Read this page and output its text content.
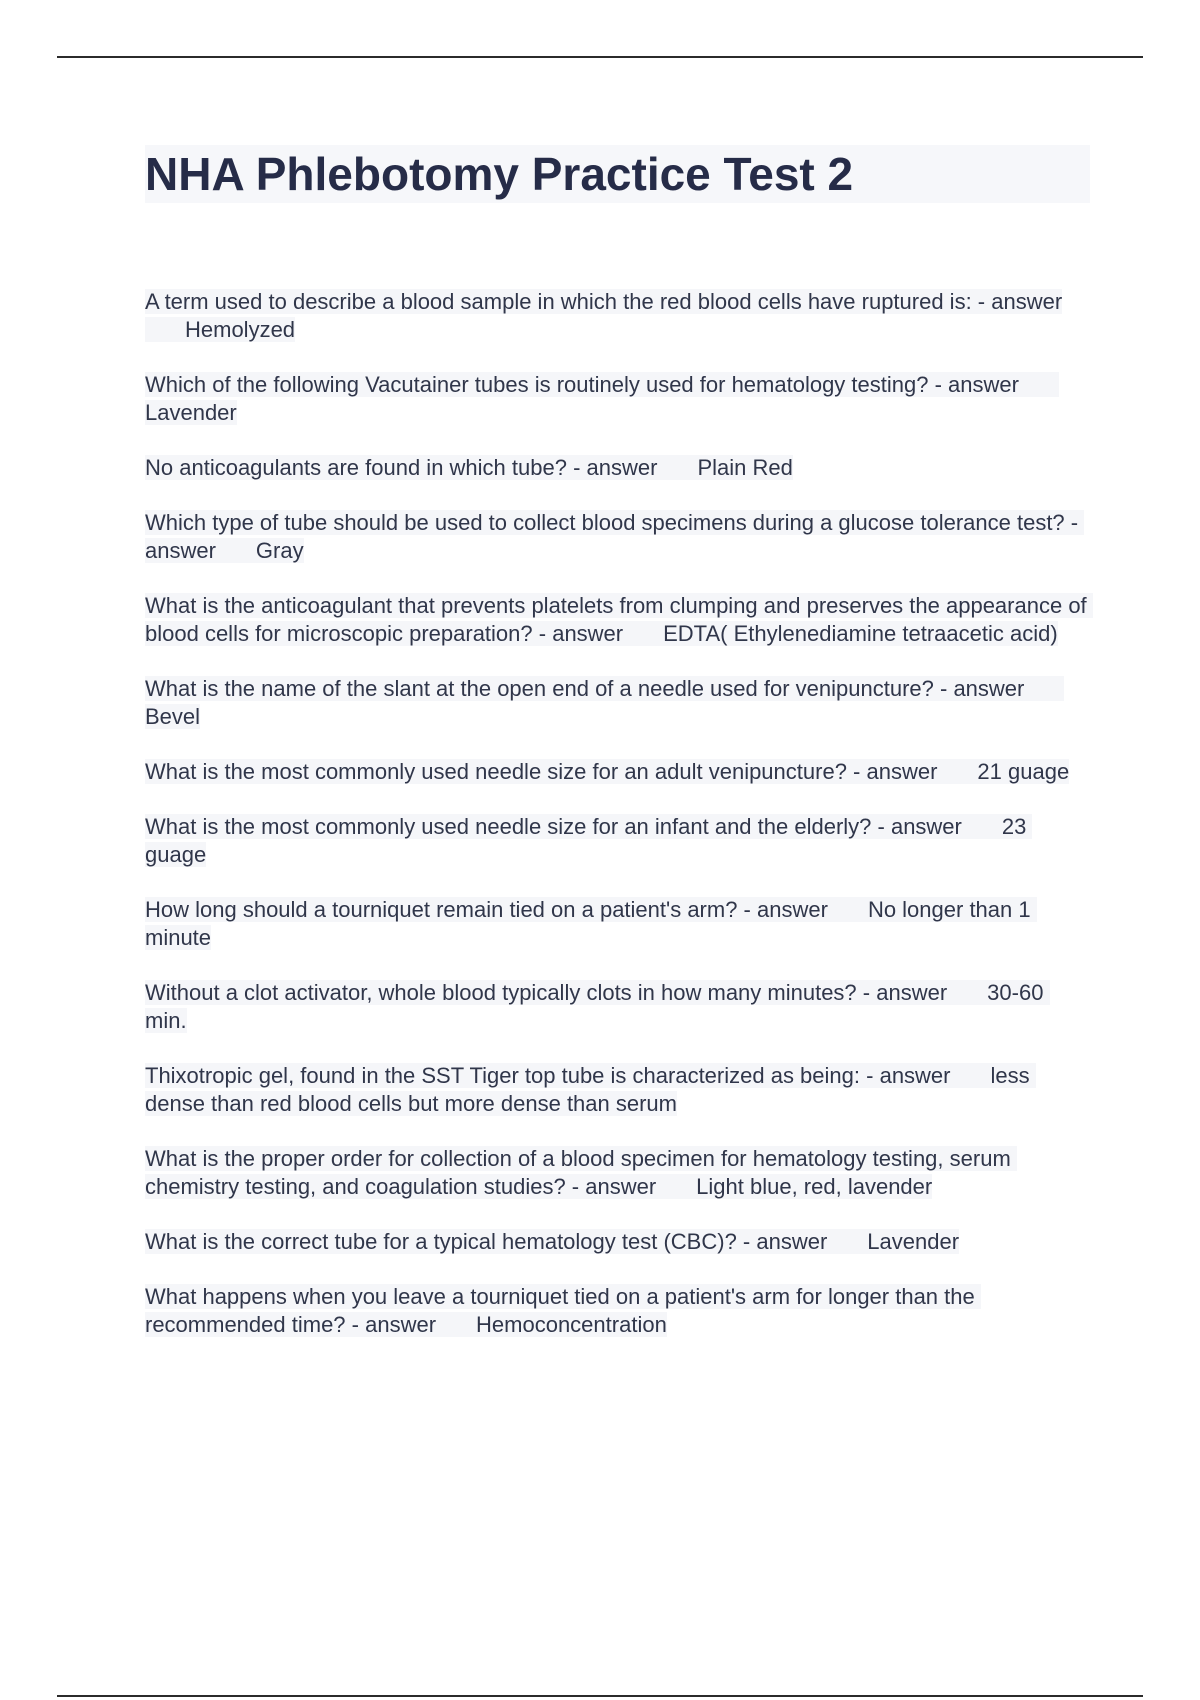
NHA Phlebotomy Practice Test 2
A term used to describe a blood sample in which the red blood cells have ruptured is: - answerHemolyzed
Which of the following Vacutainer tubes is routinely used for hematology testing? - answerLavender
No anticoagulants are found in which tube? - answer Plain Red
Which type of tube should be used to collect blood specimens during a glucose tolerance test? - answer Gray
What is the anticoagulant that prevents platelets from clumping and preserves the appearance of blood cells for microscopic preparation? - answer EDTA( Ethylenediamine tetraacetic acid)
What is the name of the slant at the open end of a needle used for venipuncture? - answerBevel
What is the most commonly used needle size for an adult venipuncture? - answer 21 guage
What is the most commonly used needle size for an infant and the elderly? - answer 23 guage
How long should a tourniquet remain tied on a patient's arm? - answer No longer than 1 minute
Without a clot activator, whole blood typically clots in how many minutes? - answer 30-60 min.
Thixotropic gel, found in the SST Tiger top tube is characterized as being: - answer less dense than red blood cells but more dense than serum
What is the proper order for collection of a blood specimen for hematology testing, serum chemistry testing, and coagulation studies? - answer Light blue, red, lavender
What is the correct tube for a typical hematology test (CBC)? - answer Lavender
What happens when you leave a tourniquet tied on a patient's arm for longer than the recommended time? - answer Hemoconcentration
